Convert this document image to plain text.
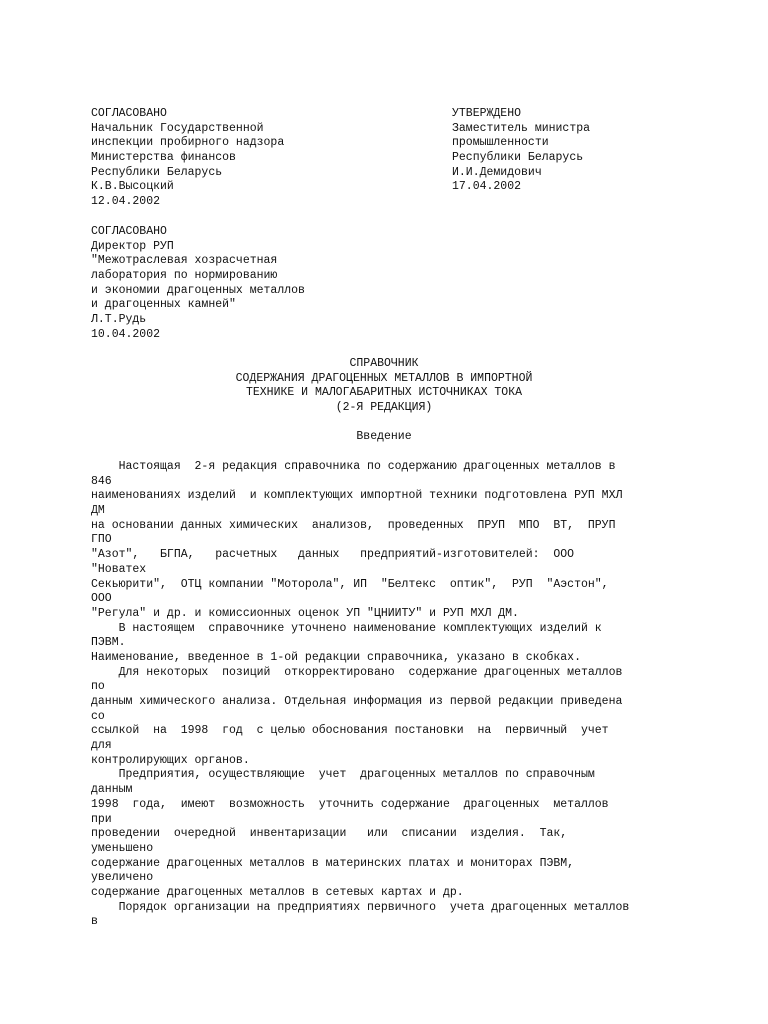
СОГЛАСОВАНО
Начальник Государственной
инспекции пробирного надзора
Министерства финансов
Республики Беларусь
К.В.Высоцкий
12.04.2002
УТВЕРЖДЕНО
Заместитель министра
промышленности
Республики Беларусь
И.И.Демидович
17.04.2002
СОГЛАСОВАНО
Директор РУП
"Межотраслевая хозрасчетная
лаборатория по нормированию
и экономии драгоценных металлов
и драгоценных камней"
Л.Т.Рудь
10.04.2002
СПРАВОЧНИК
СОДЕРЖАНИЯ ДРАГОЦЕННЫХ МЕТАЛЛОВ В ИМПОРТНОЙ
ТЕХНИКЕ И МАЛОГАБАРИТНЫХ ИСТОЧНИКАХ ТОКА
(2-Я РЕДАКЦИЯ)
Введение
Настоящая  2-я редакция справочника по содержанию драгоценных металлов в
846
наименованиях изделий  и комплектующих импортной техники подготовлена РУП МХЛ
ДМ
на основании данных химических  анализов,  проведенных  ПРУП  МПО  ВТ,  ПРУП
ГПО
"Азот",   БГПА,   расчетных   данных   предприятий-изготовителей:  ООО
"Новатех
Секьюрити",  ОТЦ компании "Моторола", ИП  "Белтекс  оптик",  РУП  "Аэстон",
ООО
"Регула" и др. и комиссионных оценок УП "ЦНИИТУ" и РУП МХЛ ДМ.
В настоящем  справочнике уточнено наименование комплектующих изделий к
ПЭВМ.
Наименование, введенное в 1-ой редакции справочника, указано в скобках.
Для некоторых  позиций  откорректировано  содержание драгоценных металлов
по
данным химического анализа. Отдельная информация из первой редакции приведена
со
ссылкой  на  1998  год  с целью обоснования постановки  на  первичный  учет
для
контролирующих органов.
Предприятия, осуществляющие  учет  драгоценных металлов по справочным
данным
1998  года,  имеют  возможность  уточнить содержание  драгоценных  металлов
при
проведении  очередной  инвентаризации   или  списании  изделия.  Так,
уменьшено
содержание драгоценных металлов в материнских платах и мониторах ПЭВМ,
увеличено
содержание драгоценных металлов в сетевых картах и др.
Порядок организации на предприятиях первичного  учета драгоценных металлов
в
